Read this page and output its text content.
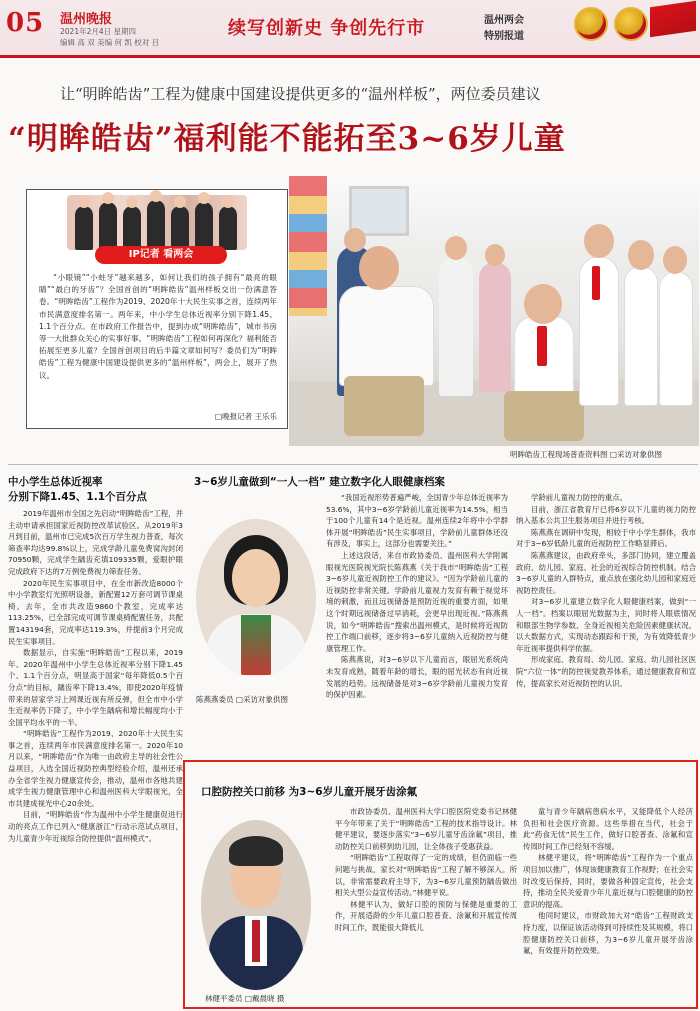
05 温州晚报
2021年2月4日 星期四
编辑 高 双 美编 何 凯 校对 吕
续写创新史 争创先行市	温州两会
特别报道
让“明眸皓齿”工程为健康中国建设提供更多的“温州样板”，两位委员建议
“明眸皓齿”福利能不能拓至3~6岁儿童
IP记者 看两会
“小眼镜”“小蛀牙”越来越多，如何让我们的孩子拥有“最亮的眼睛”“最白的牙齿”？全国首创的“明眸皓齿”温州样板交出一份满意答卷。“明眸皓齿”工程作为2019、2020年十大民生实事之首，连续两年市民满意度排名第一。两年来，中小学生总体近视率分别下降1.45、1.1个百分点。在市政府工作报告中，提到办成“明眸皓齿”，城市书房等一大批群众关心的实事好事。“明眸皓齿”工程如何再深化？福利能否拓展至更多儿童？全国首创项目的后半篇文章如何写？委员们为“明眸皓齿”工程为健康中国建设提供更多的“温州样板”，两会上，展开了热议。
□晚报记者 王乐乐
明眸皓齿工程现场普查资料图 □采访对象供图
中小学生总体近视率
分别下降1.45、1.1个百分点

2019年温州市全国之先启动“明眸皓齿”工程，并主动申请承担国家近视防控改革试验区。从2019年3月到目前，温州市已完成5次百万学生视力普查，每次筛查率均达99.8%以上，完成学龄儿童免费窝沟封闭70950颗，完成学生龋齿充填109335颗，爱眼护眼完成政府下达的7万例免费视力筛查任务。

2020年民生实事项目中，在全市新改造8000个中小学教室灯光照明设备，新配置12万套可调节课桌椅。去年，全市共改造9860个教室，完成率达113.25%，已全部完成可调节课桌椅配置任务，共配置143194套，完成率达119.3%，并提前3个月完成民生实事项目。

数据显示，自实施“明眸皓齿”工程以来，2019年、2020年温州中小学生总体近视率分别下降1.45个、1.1个百分点，明显高于国家“每年降低0.5个百分点”的目标，龋齿率下降13.4%，即使2020年疫情带来的居家学习上网课近视有所反弹，但全市中小学生近视率仍下降了，中小学生龋病和增长幅度均小于全国平均水平的一半。

“明眸皓齿”工程作为2019、2020年十大民生实事之首，连续两年市民满意度排名第一。2020年10月以来，“明眸皓齿”作为唯一由政府主导的社会性公益项目，入选全国近视防控典型经验介绍，温州还承办全省学生视力健康宣传会，推动，温州市各地共建成学生视力健康管理中心和温州医科大学眼视光，全市共建成视光中心20余处。

目前，“明眸皓齿”作为温州中小学生健康促进行动的亮点工作已列入“健康浙江”行动示范试点项目，为儿童青少年近视综合防控提供“温州模式”。

3~6岁儿童做到“一人一档” 建立数字化人眼健康档案
陈燕燕委员 □采访对象供图

“我国近视形势普遍严峻，全国青少年总体近视率为53.6%，其中3~6岁学龄前儿童近视率为14.5%，相当于100个儿童有14个是近视。温州连续2年将中小学群体开展“明眸皓齿”民生实事项目，学龄前儿童群体还没有涉及，事实上，这部分也需要关注。”

上述这段话，来自市政协委员、温州医科大学附属眼视光医院视光院长陈燕燕《关于我市“明眸皓齿”工程3~6岁儿童近视防控工作的建议》。“因为学龄前儿童的近视防控非常关键。学龄前儿童视力发育有赖于视觉环境的刺激，而且远视储备是预防近视的重要方面，如果这个时期远视储备过早消耗，会更早出现近视。”陈燕燕说，如今“明眸皓齿”搜索出温州模式，是时候将近视防控工作端口前移，逐步将3~6岁儿童纳入近视防控与健康管理工作。

陈燕燕说，对3~6岁以下儿童而言，眼屈光系统尚未发育成熟，随着年龄的增长，眼的屈光状态有向近视发展的趋势。远视储备是对3~6岁学龄前儿童视力发育的保护因素。

学龄前儿童视力防控的重点。

目前，浙江省教育厅已将6岁以下儿童的视力防控纳入基本公共卫生服务项目并进行考核。

陈燕燕在调研中发现，相较于中小学生群体，我市对于3~6岁低龄儿童的近视防控工作略显滞后。

陈燕燕建议，由政府牵头，多部门协同，建立覆盖政府、幼儿园、家庭、社会的近视综合防控机制。结合3~6岁儿童的入群特点，重点放在强化幼儿园和家庭近视防控责任。

对3~6岁儿童建立数字化人眼健康档案，做到“一人一档”。档案以眼屈光数据为主，同时将人眼底情况和眼部生物学参数、全身近视相关危险因素健康状况。以大数据方式，实现动态跟踪和干预，为有效降低青少年近视率提供科学依据。

形成家庭、教育局、幼儿园、家庭、幼儿园社区医院“六位一体”的防控视觉教养体系，通过健康教育和宣传，提高家长对近视防控的认识。

口腔防控关口前移 为3~6岁儿童开展牙齿涂氟
林健平委员 □戴晨晓 摄

市政协委员、温州医科大学口腔医院党委书记林健平今年带来了关于“明眸皓齿”工程的技术指导设计。林健平建议，要逐步落实“3~6岁儿童牙齿涂氟”项目，推动防控关口前移到幼儿园，让全体孩子受惠获益。

“明眸皓齿”工程取得了一定的成绩，但仍面临一些问题与挑战，家长对“明眸皓齿”工程了解不够深入。所以，非常需要政府主导下，为3~6岁儿童预防龋齿做出相关大型公益宣传活动。”林健平说。

林健平认为，做好口腔的预防与保健是重要的工作，开展适龄的少年儿童口腔普查、涂氟和开展宣传周时间工作，既能很大降低儿

童与青少年龋病患病水平，又能降低个人经济负担和社会医疗资源。这些举措在当代，社会于此“药食无忧”民生工作，做好口腔普查、涂氟和宣传周时间工作已经刻不容缓。

林健平建议，将“明眸皓齿”工程作为一个重点项目加以推广，体现该健康教育工作视野；在社会实时改变后保持，同时，要做各种固定宣传，社会支持，推动全民关爱青少年儿童近视与口腔健康的防控意识的提高。

他同时建议，市财政加大对“皓齿”工程财政支持力度，以保证该活动得到可持续性及其规模，将口腔健康防控关口前移，为3~6岁儿童开展牙齿涂氟，有效提升防控效果。
